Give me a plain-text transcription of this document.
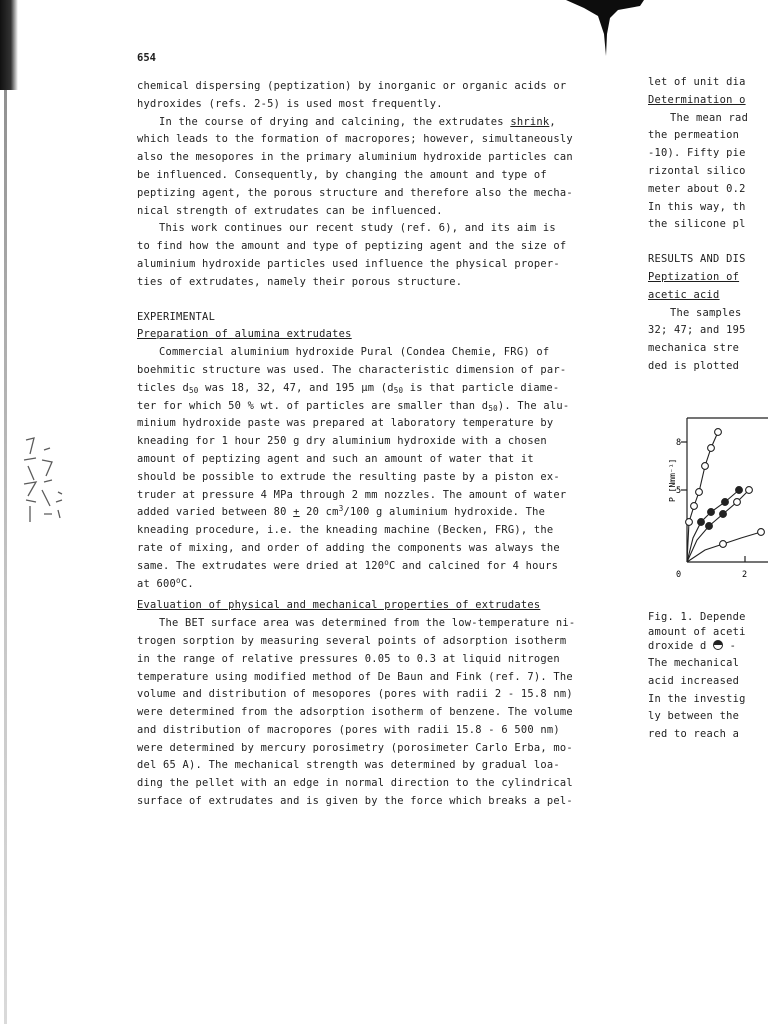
654

chemical dispersing (peptization) by inorganic or organic acids or
hydroxides (refs. 2-5) is used most frequently.

In the course of drying and calcining, the extrudates shrink,
which leads to the formation of macropores; however, simultaneously
also the mesopores in the primary aluminium hydroxide particles can
be influenced. Consequently, by changing the amount and type of
peptizing agent, the porous structure and therefore also the mecha-
nical strength of extrudates can be influenced.

This work continues our recent study (ref. 6), and its aim is
to find how the amount and type of peptizing agent and the size of
aluminium hydroxide particles used influence the physical proper-
ties of extrudates, namely their porous structure.

EXPERIMENTAL

Preparation of alumina extrudates

Commercial aluminium hydroxide Pural (Condea Chemie, FRG) of
boehmitic structure was used. The characteristic dimension of par-
ticles $d_{50}$ was 18, 32, 47, and 195 μm ($d_{50}$ is that particle diame-
ter for which 50 % wt. of particles are smaller than $d_{50}$). The alu-
minium hydroxide paste was prepared at laboratory temperature by
kneading for 1 hour 250 g dry aluminium hydroxide with a chosen
amount of peptizing agent and such an amount of water that it
should be possible to extrude the resulting paste by a piston ex-
truder at pressure 4 MPa through 2 mm nozzles. The amount of water
added varied between 80 + 20 $cm^3/100$ g aluminium hydroxide. The
kneading procedure, i.e. the kneading machine (Becken, FRG), the
rate of mixing, and order of adding the components was always the
same. The extrudates were dried at 120$^o$C and calcined for 4 hours
at 600$^o$C.

Evaluation of physical and mechanical properties of extrudates

The BET surface area was determined from the low-temperature ni-
trogen sorption by measuring several points of adsorption isotherm
in the range of relative pressures 0.05 to 0.3 at liquid nitrogen
temperature using modified method of De Baun and Fink (ref. 7). The
volume and distribution of mesopores (pores with radii 2 - 15.8 nm)
were determined from the adsorption isotherm of benzene. The volume
and distribution of macropores (pores with radii 15.8 - 6 500 nm)
were determined by mercury porosimetry (porosimeter Carlo Erba, mo-
del 65 A). The mechanical strength was determined by gradual loa-
ding the pellet with an edge in normal direction to the cylindrical
surface of extrudates and is given by the force which breaks a pel-

let of unit dia
Determination o
The mean rad
the permeation
-10). Fifty pie
rizontal silico
meter about 0.2
In this way, th
the silicone pl
RESULTS AND DIS
Peptization of
acetic acid
The samples
32; 47; and 195
mechanica stre
ded is plotted
P [Nmm⁻¹]
8
5
0	2
Fig. 1. Depende
amount of aceti
droxide d  -
The mechanical
acid increased
In the investig
ly between the
red to reach a
